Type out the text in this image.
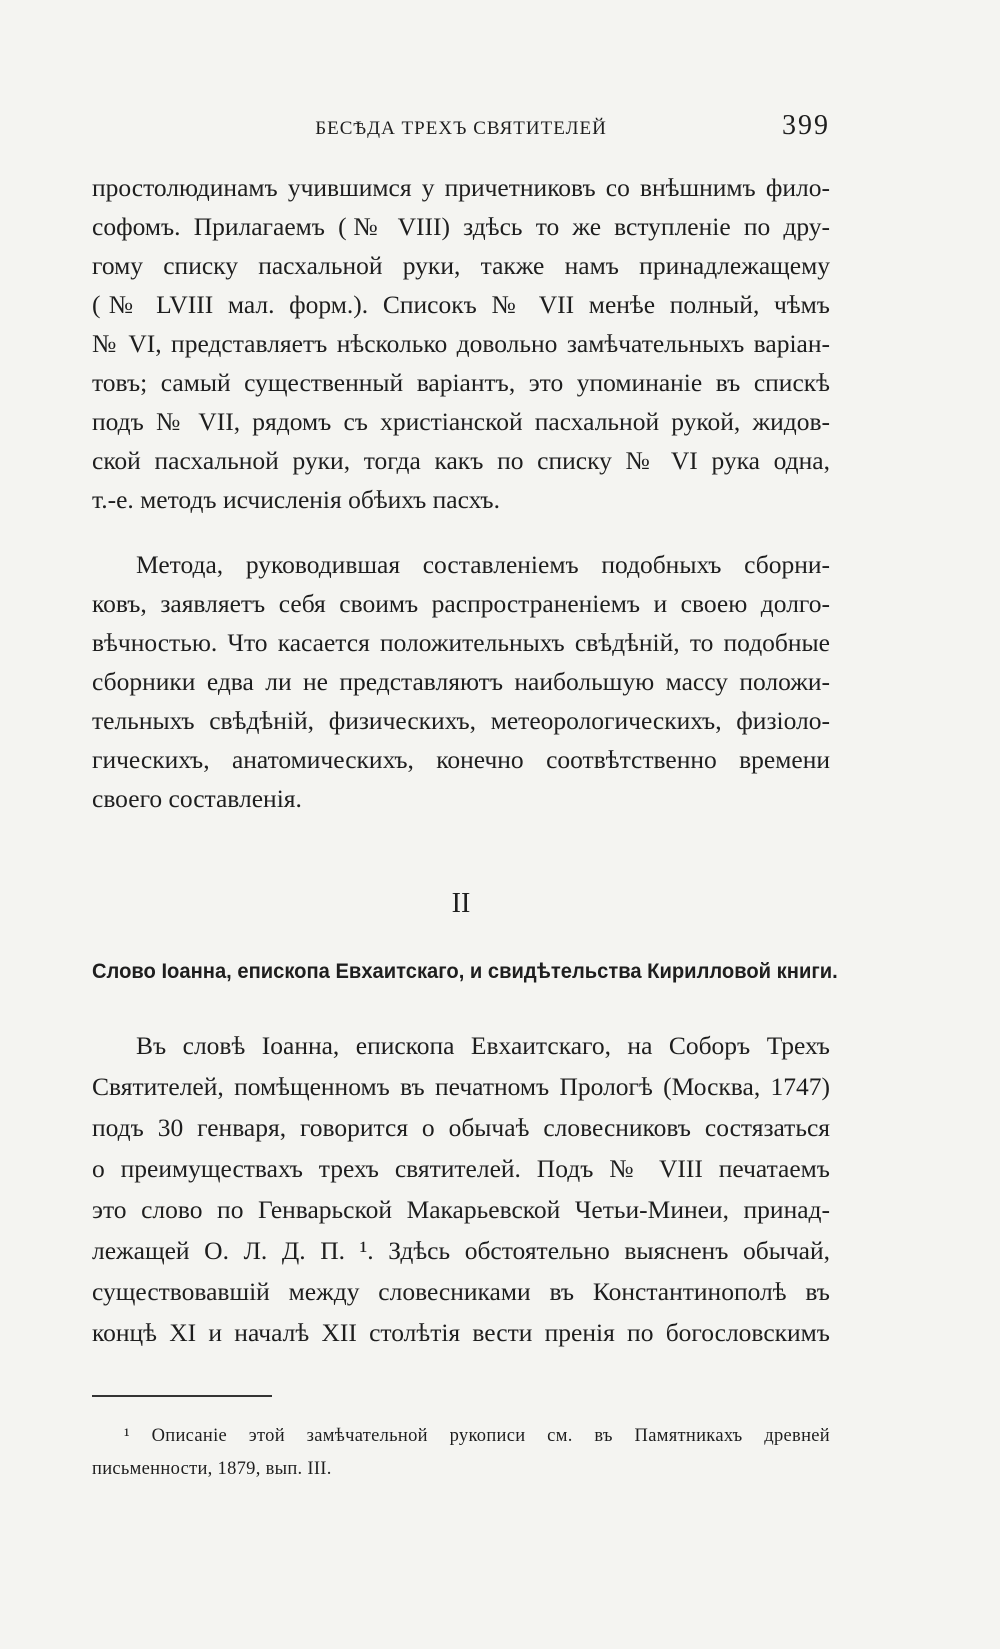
БЕСѢДА ТРЕХЪ СВЯТИТЕЛЕЙ	399
простолюдинамъ учившимся у причетниковъ со внѣшнимъ фило-
софомъ. Прилагаемъ (№ VIII) здѣсь то же вступленіе по дру-
гому списку пасхальной руки, также намъ принадлежащему
(№ LVIII мал. форм.). Списокъ № VII менѣе полный, чѣмъ
№ VI, представляетъ нѣсколько довольно замѣчательныхъ варіан-
товъ; самый существенный варіантъ, это упоминаніе въ спискѣ
подъ № VII, рядомъ съ христіанской пасхальной рукой, жидов-
ской пасхальной руки, тогда какъ по списку № VI рука одна,
т.-е. методъ исчисленія обѣихъ пасхъ.
Метода, руководившая составленіемъ подобныхъ сборни-
ковъ, заявляетъ себя своимъ распространеніемъ и своею долго-
вѣчностью. Что касается положительныхъ свѣдѣній, то подобные
сборники едва ли не представляютъ наибольшую массу положи-
тельныхъ свѣдѣній, физическихъ, метеорологическихъ, физіоло-
гическихъ, анатомическихъ, конечно соотвѣтственно времени
своего составленія.
II
Слово Іоанна, епископа Евхаитскаго, и свидѣтельства Кирилловой книги.
Въ словѣ Іоанна, епископа Евхаитскаго, на Соборъ Трехъ
Святителей, помѣщенномъ въ печатномъ Прологѣ (Москва, 1747)
подъ 30 генваря, говорится о обычаѣ словесниковъ состязаться
о преимуществахъ трехъ святителей. Подъ № VIII печатаемъ
это слово по Генварьской Макарьевской Четьи-Минеи, принад-
лежащей О. Л. Д. П. ¹. Здѣсь обстоятельно выясненъ обычай,
существовавшій между словесниками въ Константинополѣ въ
концѣ XI и началѣ XII столѣтія вести пренія по богословскимъ
¹ Описаніе этой замѣчательной рукописи см. въ Памятникахъ древней
письменности, 1879, вып. III.
